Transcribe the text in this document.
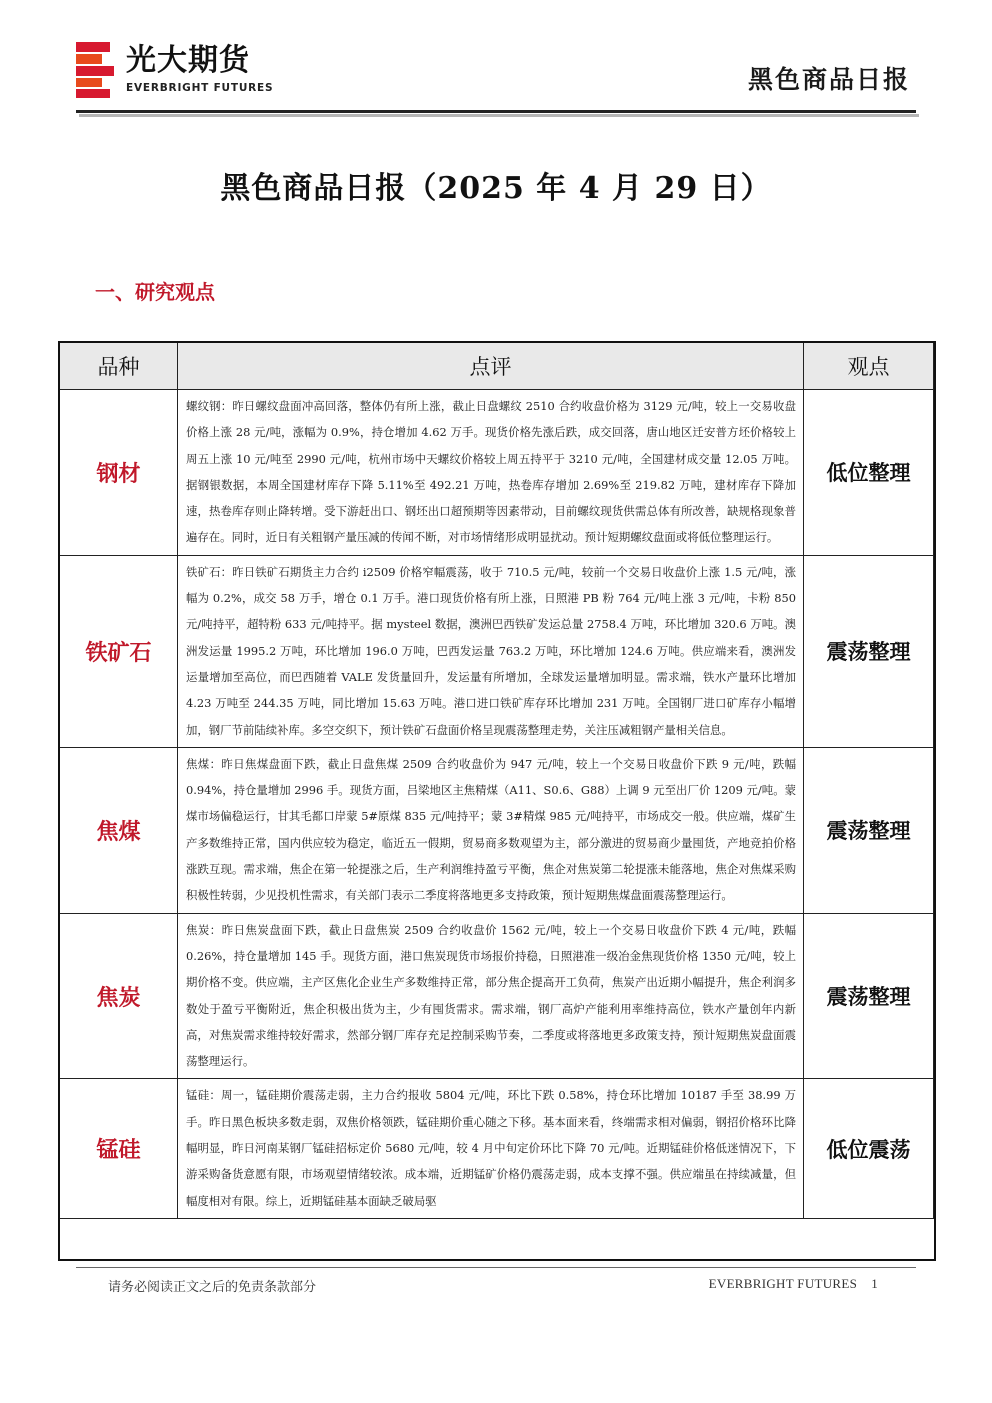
光大期货
EVERBRIGHT FUTURES	黑色商品日报
黑色商品日报（2025 年 4 月 29 日）
一、研究观点
品种	点评	观点
钢材	螺纹钢：昨日螺纹盘面冲高回落，整体仍有所上涨，截止日盘螺纹 2510 合约收盘价格为 3129 元/吨，较上一交易收盘价格上涨 28 元/吨，涨幅为 0.9%，持仓增加 4.62 万手。现货价格先涨后跌，成交回落，唐山地区迁安普方坯价格较上周五上涨 10 元/吨至 2990 元/吨，杭州市场中天螺纹价格较上周五持平于 3210 元/吨，全国建材成交量 12.05 万吨。据钢银数据，本周全国建材库存下降 5.11%至 492.21 万吨，热卷库存增加 2.69%至 219.82 万吨，建材库存下降加速，热卷库存则止降转增。受下游赶出口、钢坯出口超预期等因素带动，目前螺纹现货供需总体有所改善，缺规格现象普遍存在。同时，近日有关粗钢产量压减的传闻不断，对市场情绪形成明显扰动。预计短期螺纹盘面或将低位整理运行。	低位整理
铁矿石	铁矿石：昨日铁矿石期货主力合约 i2509 价格窄幅震荡，收于 710.5 元/吨，较前一个交易日收盘价上涨 1.5 元/吨，涨幅为 0.2%，成交 58 万手，增仓 0.1 万手。港口现货价格有所上涨，日照港 PB 粉 764 元/吨上涨 3 元/吨，卡粉 850 元/吨持平，超特粉 633 元/吨持平。据 mysteel 数据，澳洲巴西铁矿发运总量 2758.4 万吨，环比增加 320.6 万吨。澳洲发运量 1995.2 万吨，环比增加 196.0 万吨，巴西发运量 763.2 万吨，环比增加 124.6 万吨。供应端来看，澳洲发运量增加至高位，而巴西随着 VALE 发货量回升，发运量有所增加，全球发运量增加明显。需求端，铁水产量环比增加 4.23 万吨至 244.35 万吨，同比增加 15.63 万吨。港口进口铁矿库存环比增加 231 万吨。全国钢厂进口矿库存小幅增加，钢厂节前陆续补库。多空交织下，预计铁矿石盘面价格呈现震荡整理走势，关注压减粗钢产量相关信息。	震荡整理
焦煤	焦煤：昨日焦煤盘面下跌，截止日盘焦煤 2509 合约收盘价为 947 元/吨，较上一个交易日收盘价下跌 9 元/吨，跌幅 0.94%，持仓量增加 2996 手。现货方面，吕梁地区主焦精煤（A11、S0.6、G88）上调 9 元至出厂价 1209 元/吨。蒙煤市场偏稳运行，甘其毛都口岸蒙 5#原煤 835 元/吨持平；蒙 3#精煤 985 元/吨持平，市场成交一般。供应端，煤矿生产多数维持正常，国内供应较为稳定，临近五一假期，贸易商多数观望为主，部分激进的贸易商少量囤货，产地竞拍价格涨跌互现。需求端，焦企在第一轮提涨之后，生产利润维持盈亏平衡，焦企对焦炭第二轮提涨未能落地，焦企对焦煤采购积极性转弱，少见投机性需求，有关部门表示二季度将落地更多支持政策，预计短期焦煤盘面震荡整理运行。	震荡整理
焦炭	焦炭：昨日焦炭盘面下跌，截止日盘焦炭 2509 合约收盘价 1562 元/吨，较上一个交易日收盘价下跌 4 元/吨，跌幅 0.26%，持仓量增加 145 手。现货方面，港口焦炭现货市场报价持稳，日照港准一级冶金焦现货价格 1350 元/吨，较上期价格不变。供应端，主产区焦化企业生产多数维持正常，部分焦企提高开工负荷，焦炭产出近期小幅提升，焦企利润多数处于盈亏平衡附近，焦企积极出货为主，少有囤货需求。需求端，钢厂高炉产能利用率维持高位，铁水产量创年内新高，对焦炭需求维持较好需求，然部分钢厂库存充足控制采购节奏，二季度或将落地更多政策支持，预计短期焦炭盘面震荡整理运行。	震荡整理
锰硅	锰硅：周一，锰硅期价震荡走弱，主力合约报收 5804 元/吨，环比下跌 0.58%，持仓环比增加 10187 手至 38.99 万手。昨日黑色板块多数走弱，双焦价格领跌，锰硅期价重心随之下移。基本面来看，终端需求相对偏弱，钢招价格环比降幅明显，昨日河南某钢厂锰硅招标定价 5680 元/吨，较 4 月中旬定价环比下降 70 元/吨。近期锰硅价格低迷情况下，下游采购备货意愿有限，市场观望情绪较浓。成本端，近期锰矿价格仍震荡走弱，成本支撑不强。供应端虽在持续减量，但幅度相对有限。综上，近期锰硅基本面缺乏破局驱	低位震荡
请务必阅读正文之后的免责条款部分	EVERBRIGHT FUTURES 1
